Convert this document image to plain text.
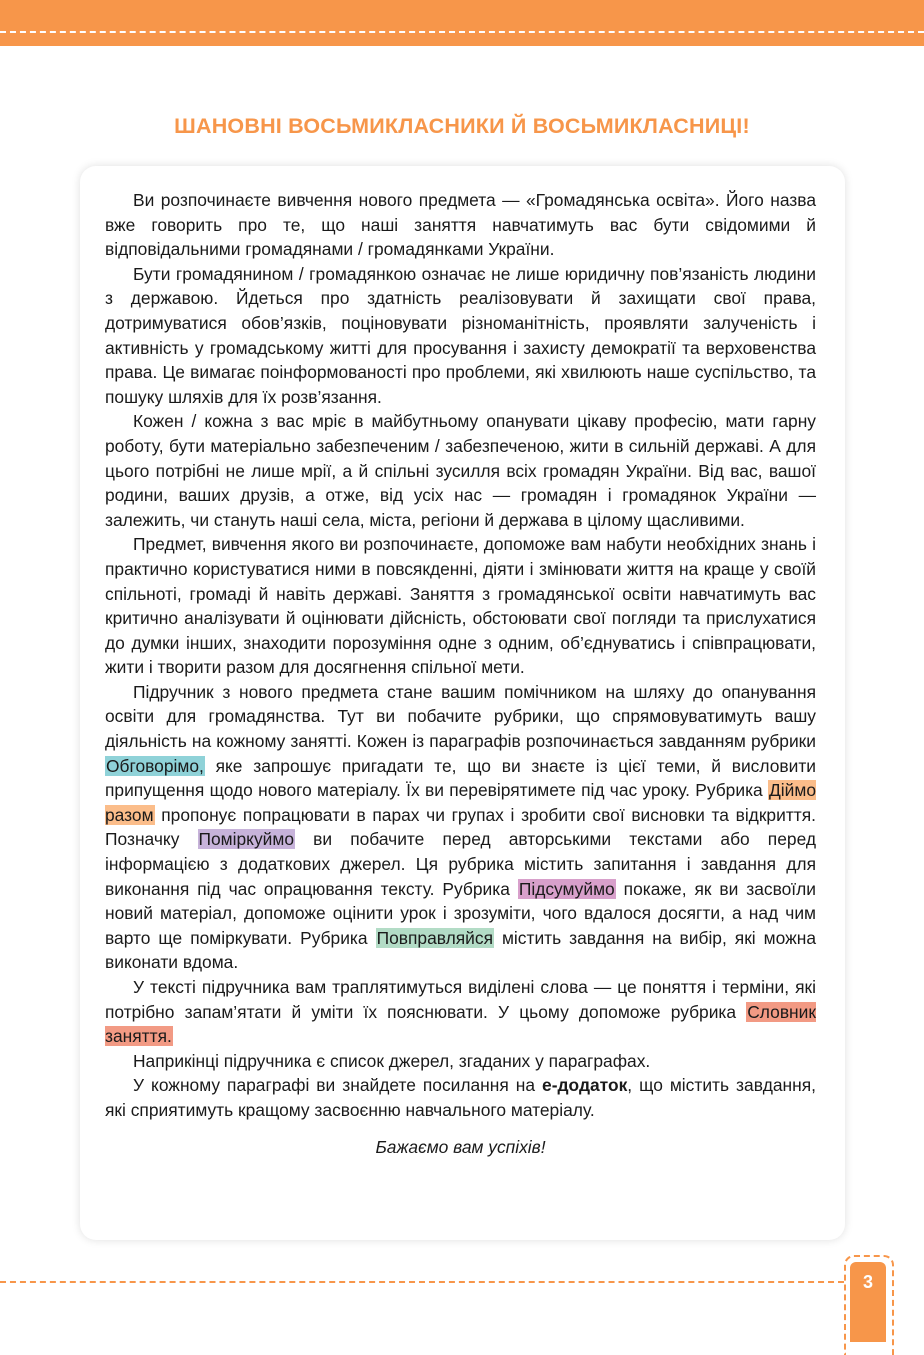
ШАНОВНІ ВОСЬМИКЛАСНИКИ Й ВОСЬМИКЛАСНИЦІ!

Ви розпочинаєте вивчення нового предмета — «Громадянська освіта». Його назва вже говорить про те, що наші заняття навчатимуть вас бути свідомими й відповідальними громадянами / громадянками України.

Бути громадянином / громадянкою означає не лише юридичну пов’язаність людини з державою. Йдеться про здатність реалізовувати й захищати свої права, дотримуватися обов’язків, поціновувати різноманітність, проявляти залученість і активність у громадському житті для просування і захисту демократії та верховенства права. Це вимагає поінформованості про проблеми, які хвилюють наше суспільство, та пошуку шляхів для їх розв’язання.

Кожен / кожна з вас мріє в майбутньому опанувати цікаву професію, мати гарну роботу, бути матеріально забезпеченим / забезпеченою, жити в сильній державі. А для цього потрібні не лише мрії, а й спільні зусилля всіх громадян України. Від вас, вашої родини, ваших друзів, а отже, від усіх нас — громадян і громадянок України — залежить, чи стануть наші села, міста, регіони й держава в цілому щасливими.

Предмет, вивчення якого ви розпочинаєте, допоможе вам набути необхідних знань і практично користуватися ними в повсякденні, діяти і змінювати життя на краще у своїй спільноті, громаді й навіть державі. Заняття з громадянської освіти навчатимуть вас критично аналізувати й оцінювати дійсність, обстоювати свої погляди та прислухатися до думки інших, знаходити порозуміння одне з одним, об’єднуватись і співпрацювати, жити і творити разом для досягнення спільної мети.

Підручник з нового предмета стане вашим помічником на шляху до опанування освіти для громадянства. Тут ви побачите рубрики, що спрямовуватимуть вашу діяльність на кожному занятті. Кожен із параграфів розпочинається завданням рубрики Обговорімо, яке запрошує пригадати те, що ви знаєте із цієї теми, й висловити припущення щодо нового матеріалу. Їх ви перевірятимете під час уроку. Рубрика Діймо разом пропонує попрацювати в парах чи групах і зробити свої висновки та відкриття. Позначку Поміркуймо ви побачите перед авторськими текстами або перед інформацією з додаткових джерел. Ця рубрика містить запитання і завдання для виконання під час опрацювання тексту. Рубрика Підсумуймо покаже, як ви засвоїли новий матеріал, допоможе оцінити урок і зрозуміти, чого вдалося досягти, а над чим варто ще поміркувати. Рубрика Повправляйся містить завдання на вибір, які можна виконати вдома.

У тексті підручника вам траплятимуться виділені слова — це поняття і терміни, які потрібно запам’ятати й уміти їх пояснювати. У цьому допоможе рубрика Словник заняття.

Наприкінці підручника є список джерел, згаданих у параграфах.

У кожному параграфі ви знайдете посилання на е-додаток, що містить завдання, які сприятимуть кращому засвоєнню навчального матеріалу.

Бажаємо вам успіхів!

3
